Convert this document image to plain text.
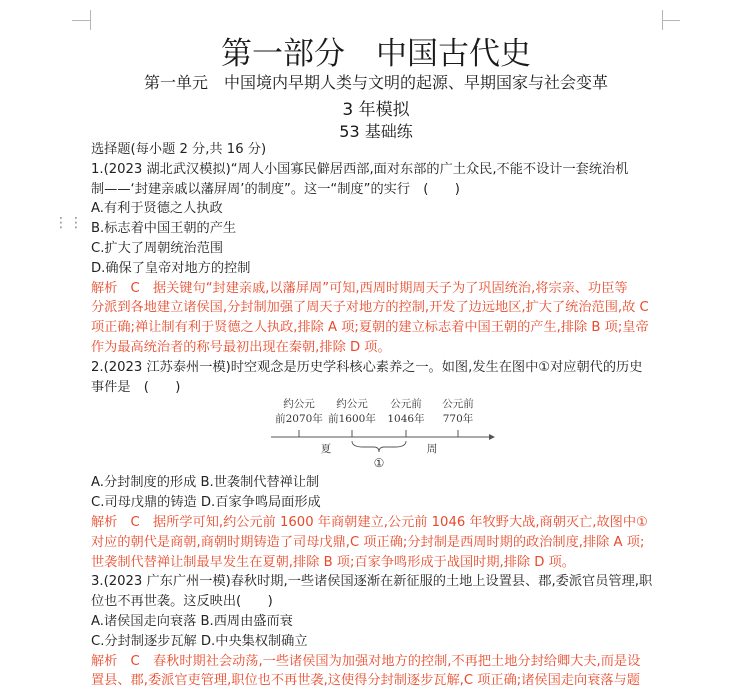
⋮⋮
第一部分　中国古代史
第一单元　中国境内早期人类与文明的起源、早期国家与社会变革
3 年模拟
53 基础练
选择题(每小题 2 分,共 16 分)
1.(2023 湖北武汉模拟)“周人小国寡民僻居西部,面对东部的广土众民,不能不设计一套统治机
制——‘封建亲戚以藩屏周’的制度”。这一“制度”的实行　(　　)
A.有利于贤德之人执政
B.标志着中国王朝的产生
C.扩大了周朝统治范围
D.确保了皇帝对地方的控制
解析　C　据关键句“封建亲戚,以藩屏周”可知,西周时期周天子为了巩固统治,将宗亲、功臣等
分派到各地建立诸侯国,分封制加强了周天子对地方的控制,开发了边远地区,扩大了统治范围,故 C
项正确;禅让制有利于贤德之人执政,排除 A 项;夏朝的建立标志着中国王朝的产生,排除 B 项;皇帝
作为最高统治者的称号最初出现在秦朝,排除 D 项。
2.(2023 江苏泰州一模)时空观念是历史学科核心素养之一。如图,发生在图中①对应朝代的历史
事件是　(　　)
约公元
前2070年
约公元
前1600年
公元前
1046年
公元前
770年
夏
①
周
A.分封制度的形成 B.世袭制代替禅让制
C.司母戊鼎的铸造 D.百家争鸣局面形成
解析　C　据所学可知,约公元前 1600 年商朝建立,公元前 1046 年牧野大战,商朝灭亡,故图中①
对应的朝代是商朝,商朝时期铸造了司母戊鼎,C 项正确;分封制是西周时期的政治制度,排除 A 项;
世袭制代替禅让制最早发生在夏朝,排除 B 项;百家争鸣形成于战国时期,排除 D 项。
3.(2023 广东广州一模)春秋时期,一些诸侯国逐渐在新征服的土地上设置县、郡,委派官员管理,职
位也不再世袭。这反映出(　　)
A.诸侯国走向衰落 B.西周由盛而衰
C.分封制逐步瓦解 D.中央集权制确立
解析　C　春秋时期社会动荡,一些诸侯国为加强对地方的控制,不再把土地分封给卿大夫,而是设
置县、郡,委派官吏管理,职位也不再世袭,这使得分封制逐步瓦解,C 项正确;诸侯国走向衰落与题
